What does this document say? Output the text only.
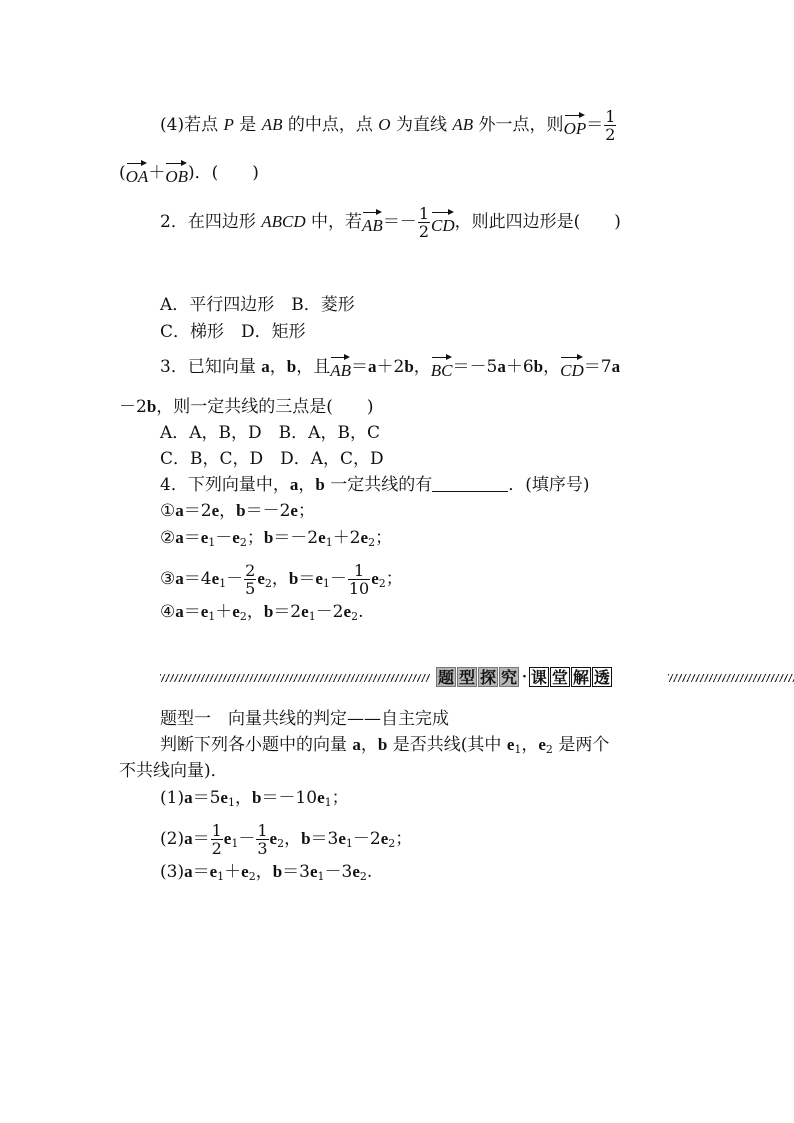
(4)若点 P 是 AB 的中点，点 O 为直线 AB 外一点，则$OP= \frac{1}{2}$
(OA＋OB)．(　　)
2．在四边形 ABCD 中，若$AB=- \frac{1}{2}$ CD，则此四边形是(　　)
A．平行四边形　B．菱形
C．梯形　D．矩形
3．已知向量 a，b，且AB＝a＋2b，BC＝－5a＋6b，CD＝7a
－2b，则一定共线的三点是(　　)
A．A，B，D　B．A，B，C
C．B，C，D　D．A，C，D
4．下列向量中，a，b 一定共线的有	．(填序号)
①a＝2e，b＝－2e；
$②a=e_1-e_2$；$b=-2e_1+2e_2$；
$③a=4e_1- \frac{2}{5} e_2$，$b=e_1- \frac{1}{10} e_2$；
$④a=e_1+e_2$，$b=2e_1-2e_2$.
题 型 探 究 · 课 堂 解 透
题型一　向量共线的判定——自主完成
判断下列各小题中的向量 a，b 是否共线(其中 $e_1$，$e_2$ 是两个
不共线向量)．
$(1)a=5e_1$，$b=-10e_1$；
$(2)a= \frac{1}{2} e_1- \frac{1}{3} e_2$，$b=3e_1-2e_2$；
$(3)a=e_1+e_2$，$b=3e_1-3e_2$.
